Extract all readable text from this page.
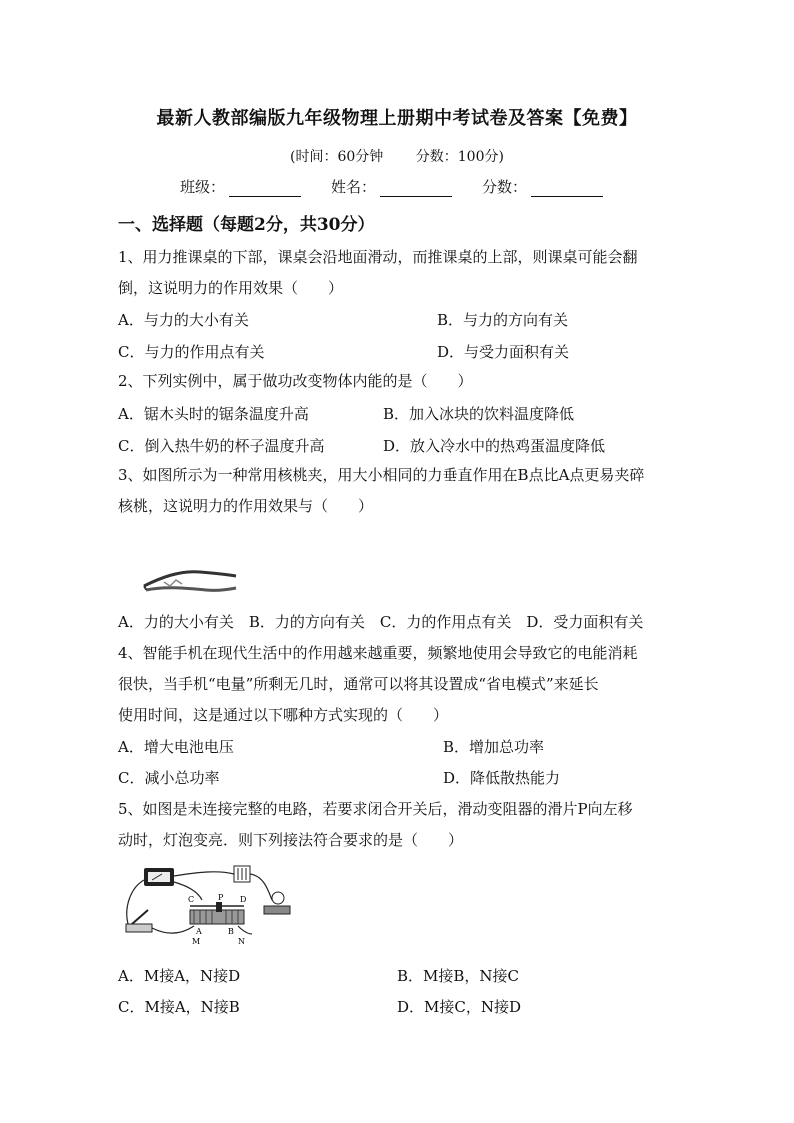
最新人教部编版九年级物理上册期中考试卷及答案【免费】
(时间：60分钟 分数：100分)
班级：	姓名：	分数：
一、选择题（每题2分，共30分）
1、用力推课桌的下部，课桌会沿地面滑动，而推课桌的上部，则课桌可能会翻
倒，这说明力的作用效果（　　）
A．与力的大小有关	B．与力的方向有关
C．与力的作用点有关	D．与受力面积有关
2、下列实例中，属于做功改变物体内能的是（　　）
A．锯木头时的锯条温度升高	B．加入冰块的饮料温度降低
C．倒入热牛奶的杯子温度升高	D．放入冷水中的热鸡蛋温度降低
3、如图所示为一种常用核桃夹，用大小相同的力垂直作用在B点比A点更易夹碎
核桃，这说明力的作用效果与（　　）
A．力的大小有关　B．力的方向有关　C．力的作用点有关　D．受力面积有关
4、智能手机在现代生活中的作用越来越重要，频繁地使用会导致它的电能消耗
很快，当手机“电量”所剩无几时，通常可以将其设置成“省电模式”来延长
使用时间，这是通过以下哪种方式实现的（　　）
A．增大电池电压	B．增加总功率
C．减小总功率	D．降低散热能力
5、如图是未连接完整的电路，若要求闭合开关后，滑动变阻器的滑片P向左移
动时，灯泡变亮．则下列接法符合要求的是（　　）
C	P D
A	B
M	N
A．M接A，N接D	B．M接B，N接C
C．M接A，N接B	D．M接C，N接D
